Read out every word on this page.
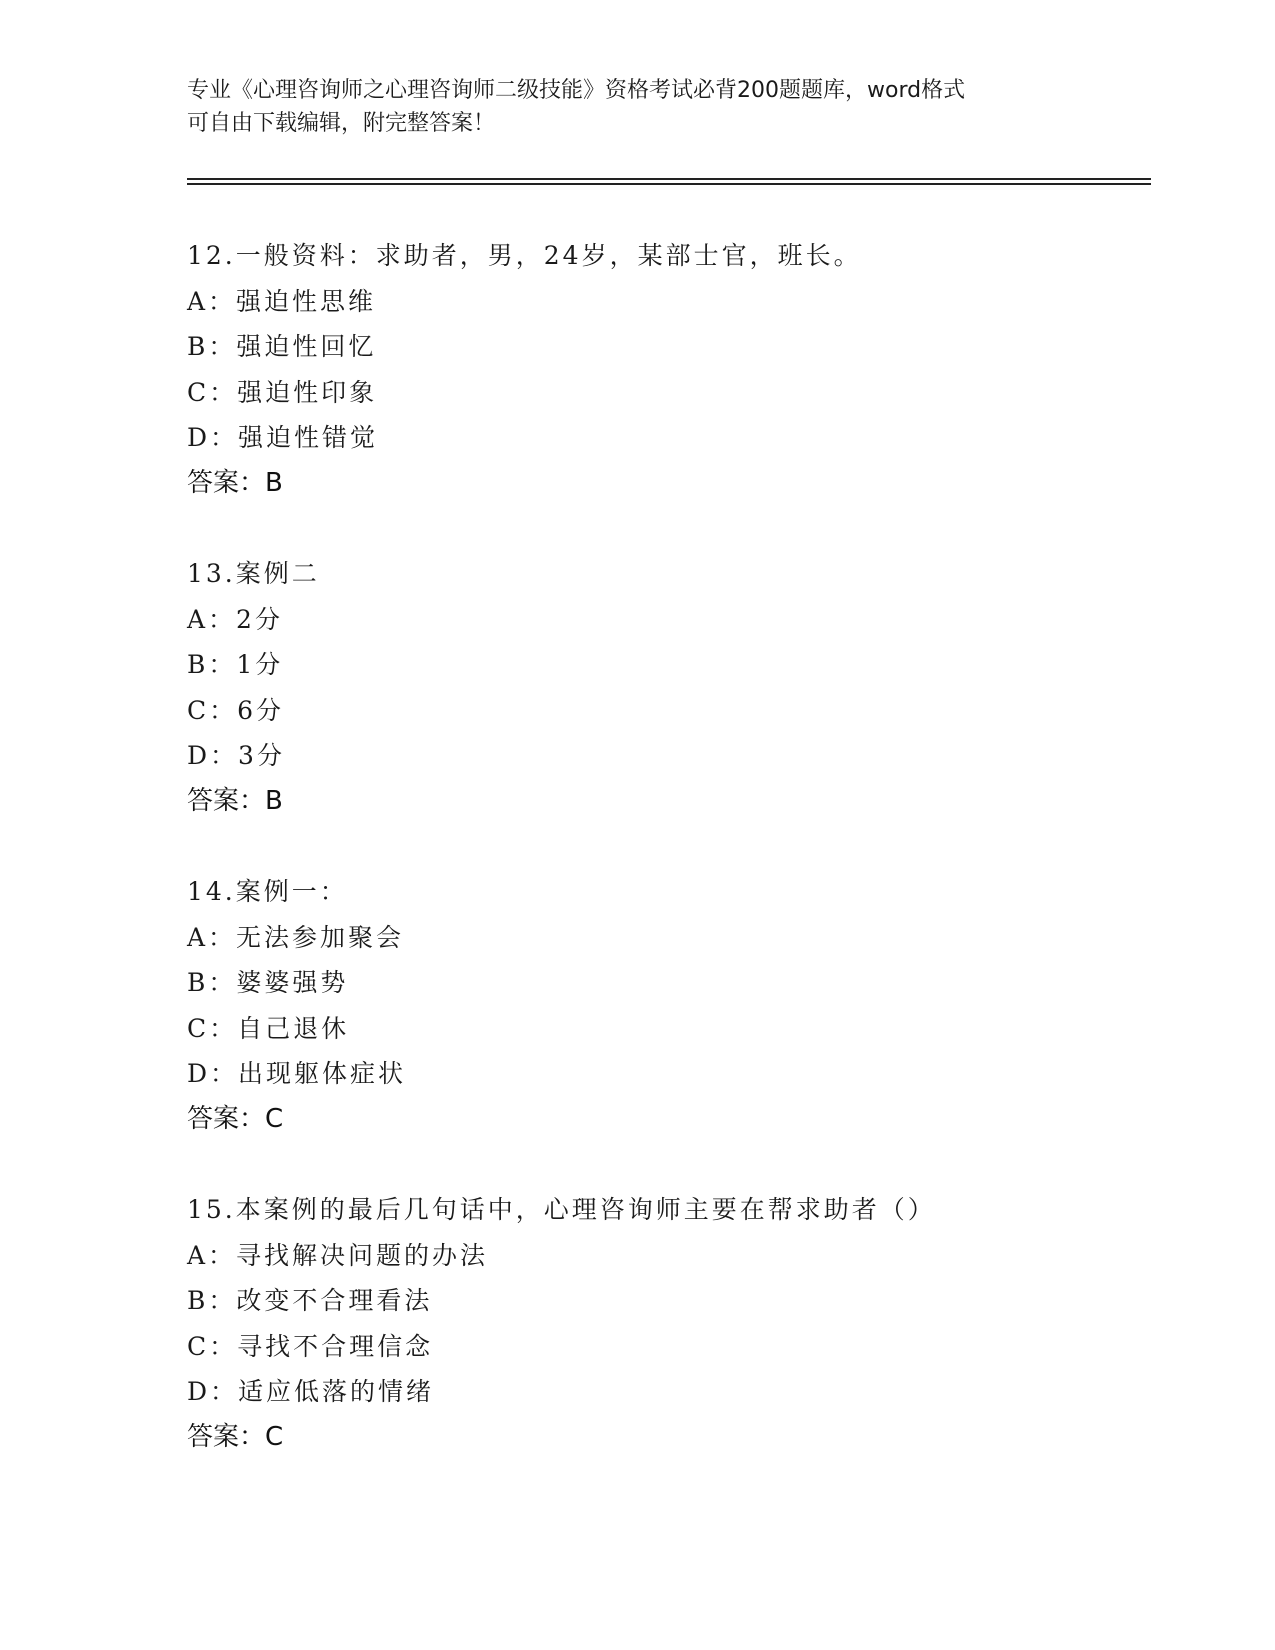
专业《心理咨询师之心理咨询师二级技能》资格考试必背200题题库，word格式
可自由下载编辑，附完整答案！
12.一般资料：求助者，男，24岁，某部士官，班长。
A：强迫性思维
B：强迫性回忆
C：强迫性印象
D：强迫性错觉
答案：B
13.案例二
A：2分
B：1分
C：6分
D：3分
答案：B
14.案例一：
A：无法参加聚会
B：婆婆强势
C：自己退休
D：出现躯体症状
答案：C
15.本案例的最后几句话中，心理咨询师主要在帮求助者（）
A：寻找解决问题的办法
B：改变不合理看法
C：寻找不合理信念
D：适应低落的情绪
答案：C
